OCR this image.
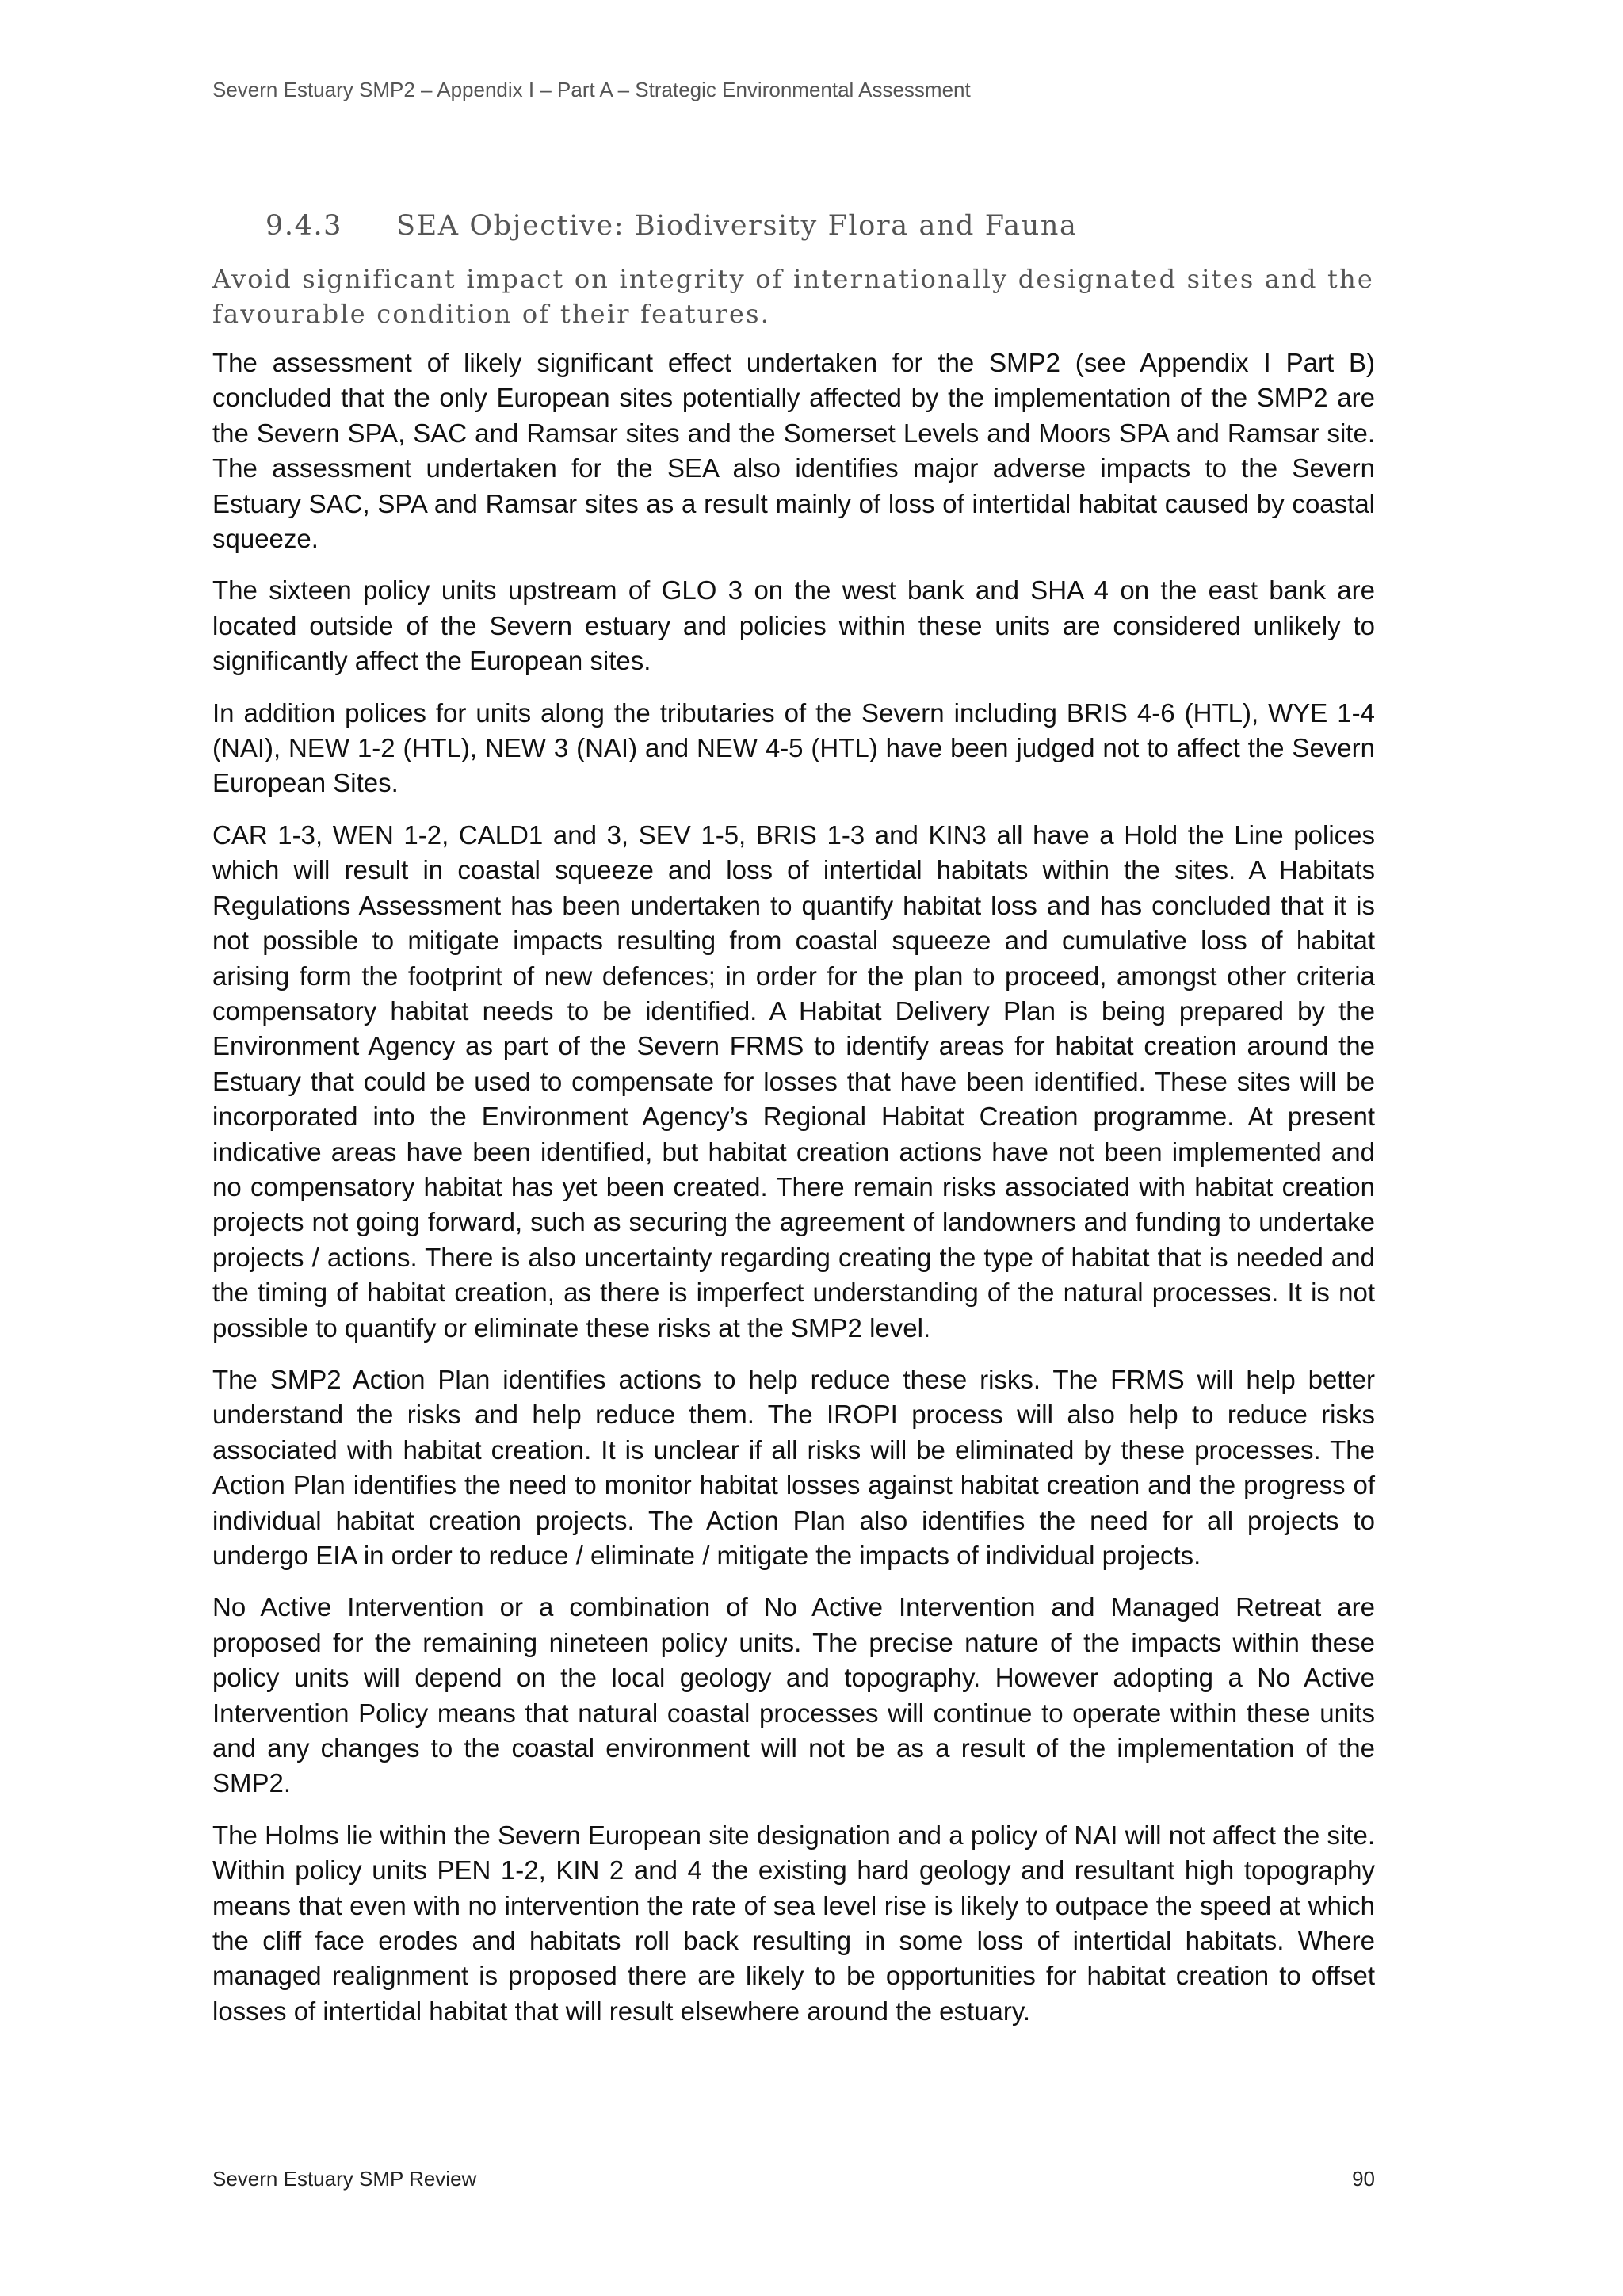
Severn Estuary SMP2 – Appendix I – Part A – Strategic Environmental Assessment
9.4.3 SEA Objective: Biodiversity Flora and Fauna
Avoid significant impact on integrity of internationally designated sites and the favourable condition of their features.

The assessment of likely significant effect undertaken for the SMP2 (see Appendix I Part B) concluded that the only European sites potentially affected by the implementation of the SMP2 are the Severn SPA, SAC and Ramsar sites and the Somerset Levels and Moors SPA and Ramsar site. The assessment undertaken for the SEA also identifies major adverse impacts to the Severn Estuary SAC, SPA and Ramsar sites as a result mainly of loss of intertidal habitat caused by coastal squeeze.

The sixteen policy units upstream of GLO 3 on the west bank and SHA 4 on the east bank are located outside of the Severn estuary and policies within these units are considered unlikely to significantly affect the European sites.

In addition polices for units along the tributaries of the Severn including BRIS 4-6 (HTL), WYE 1-4 (NAI), NEW 1-2 (HTL), NEW 3 (NAI) and NEW 4-5 (HTL) have been judged not to affect the Severn European Sites.

CAR 1-3, WEN 1-2, CALD1 and 3, SEV 1-5, BRIS 1-3 and KIN3 all have a Hold the Line polices which will result in coastal squeeze and loss of intertidal habitats within the sites. A Habitats Regulations Assessment has been undertaken to quantify habitat loss and has concluded that it is not possible to mitigate impacts resulting from coastal squeeze and cumulative loss of habitat arising form the footprint of new defences; in order for the plan to proceed, amongst other criteria compensatory habitat needs to be identified. A Habitat Delivery Plan is being prepared by the Environment Agency as part of the Severn FRMS to identify areas for habitat creation around the Estuary that could be used to compensate for losses that have been identified. These sites will be incorporated into the Environment Agency’s Regional Habitat Creation programme. At present indicative areas have been identified, but habitat creation actions have not been implemented and no compensatory habitat has yet been created. There remain risks associated with habitat creation projects not going forward, such as securing the agreement of landowners and funding to undertake projects / actions. There is also uncertainty regarding creating the type of habitat that is needed and the timing of habitat creation, as there is imperfect understanding of the natural processes. It is not possible to quantify or eliminate these risks at the SMP2 level.

The SMP2 Action Plan identifies actions to help reduce these risks. The FRMS will help better understand the risks and help reduce them. The IROPI process will also help to reduce risks associated with habitat creation. It is unclear if all risks will be eliminated by these processes. The Action Plan identifies the need to monitor habitat losses against habitat creation and the progress of individual habitat creation projects. The Action Plan also identifies the need for all projects to undergo EIA in order to reduce / eliminate / mitigate the impacts of individual projects.

No Active Intervention or a combination of No Active Intervention and Managed Retreat are proposed for the remaining nineteen policy units. The precise nature of the impacts within these policy units will depend on the local geology and topography. However adopting a No Active Intervention Policy means that natural coastal processes will continue to operate within these units and any changes to the coastal environment will not be as a result of the implementation of the SMP2.

The Holms lie within the Severn European site designation and a policy of NAI will not affect the site. Within policy units PEN 1-2, KIN 2 and 4 the existing hard geology and resultant high topography means that even with no intervention the rate of sea level rise is likely to outpace the speed at which the cliff face erodes and habitats roll back resulting in some loss of intertidal habitats. Where managed realignment is proposed there are likely to be opportunities for habitat creation to offset losses of intertidal habitat that will result elsewhere around the estuary.

Severn Estuary SMP Review	90
